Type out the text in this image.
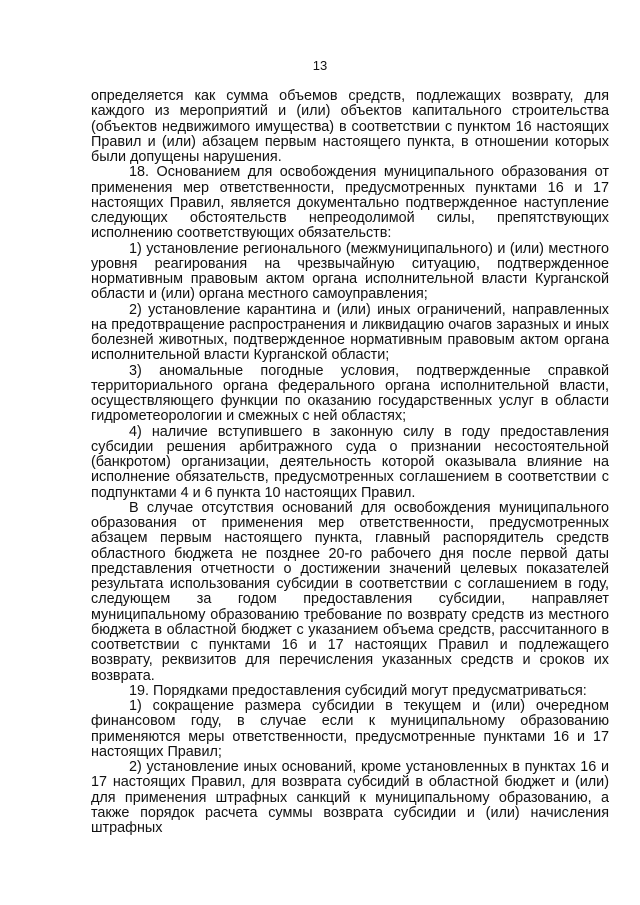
13

определяется как сумма объемов средств, подлежащих возврату, для каждого из мероприятий и (или) объектов капитального строительства (объектов недвижимого имущества) в соответствии с пунктом 16 настоящих Правил и (или) абзацем первым настоящего пункта, в отношении которых были допущены нарушения.

18. Основанием для освобождения муниципального образования от применения мер ответственности, предусмотренных пунктами 16 и 17 настоящих Правил, является документально подтвержденное наступление следующих обстоятельств непреодолимой силы, препятствующих исполнению соответствующих обязательств:

1) установление региональногo (межмуниципального) и (или) местного уровня реагирования на чрезвычайную ситуацию, подтвержденное нормативным правовым актом органа исполнительной власти Курганской области и (или) органа местного самоуправления;

2) установление карантина и (или) иных ограничений, направленных на предотвращение распространения и ликвидацию очагов заразных и иных болезней животных, подтвержденное нормативным правовым актом органа исполнительной власти Курганской области;

3) аномальные погодные условия, подтвержденные справкой территориального органа федерального органа исполнительной власти, осуществляющего функции по оказанию государственных услуг в области гидрометеорологии и смежных с ней областях;

4) наличие вступившего в законную силу в году предоставления субсидии решения арбитражного суда о признании несостоятельной (банкротом) организации, деятельность которой оказывала влияние на исполнение обязательств, предусмотренных соглашением в соответствии с подпунктами 4 и 6 пункта 10 настоящих Правил.

В случае отсутствия оснований для освобождения муниципального образования от применения мер ответственности, предусмотренных абзацем первым настоящего пункта, главный распорядитель средств областного бюджета не позднее 20-го рабочего дня после первой даты представления отчетности о достижении значений целевых показателей результата использования субсидии в соответствии с соглашением в году, следующем за годом предоставления субсидии, направляет муниципальному образованию требование по возврату средств из местного бюджета в областной бюджет с указанием объема средств, рассчитанного в соответствии с пунктами 16 и 17 настоящих Правил и подлежащего возврату, реквизитов для перечисления указанных средств и сроков их возврата.

19. Порядками предоставления субсидий могут предусматриваться:

1) сокращение размера субсидии в текущем и (или) очередном финансовом году, в случае если к муниципальному образованию применяются меры ответственности, предусмотренные пунктами 16 и 17 настоящих Правил;

2) установление иных оснований, кроме установленных в пунктах 16 и 17 настоящих Правил, для возврата субсидий в областной бюджет и (или) для применения штрафных санкций к муниципальному образованию, а также порядок расчета суммы возврата субсидии и (или) начисления штрафных
